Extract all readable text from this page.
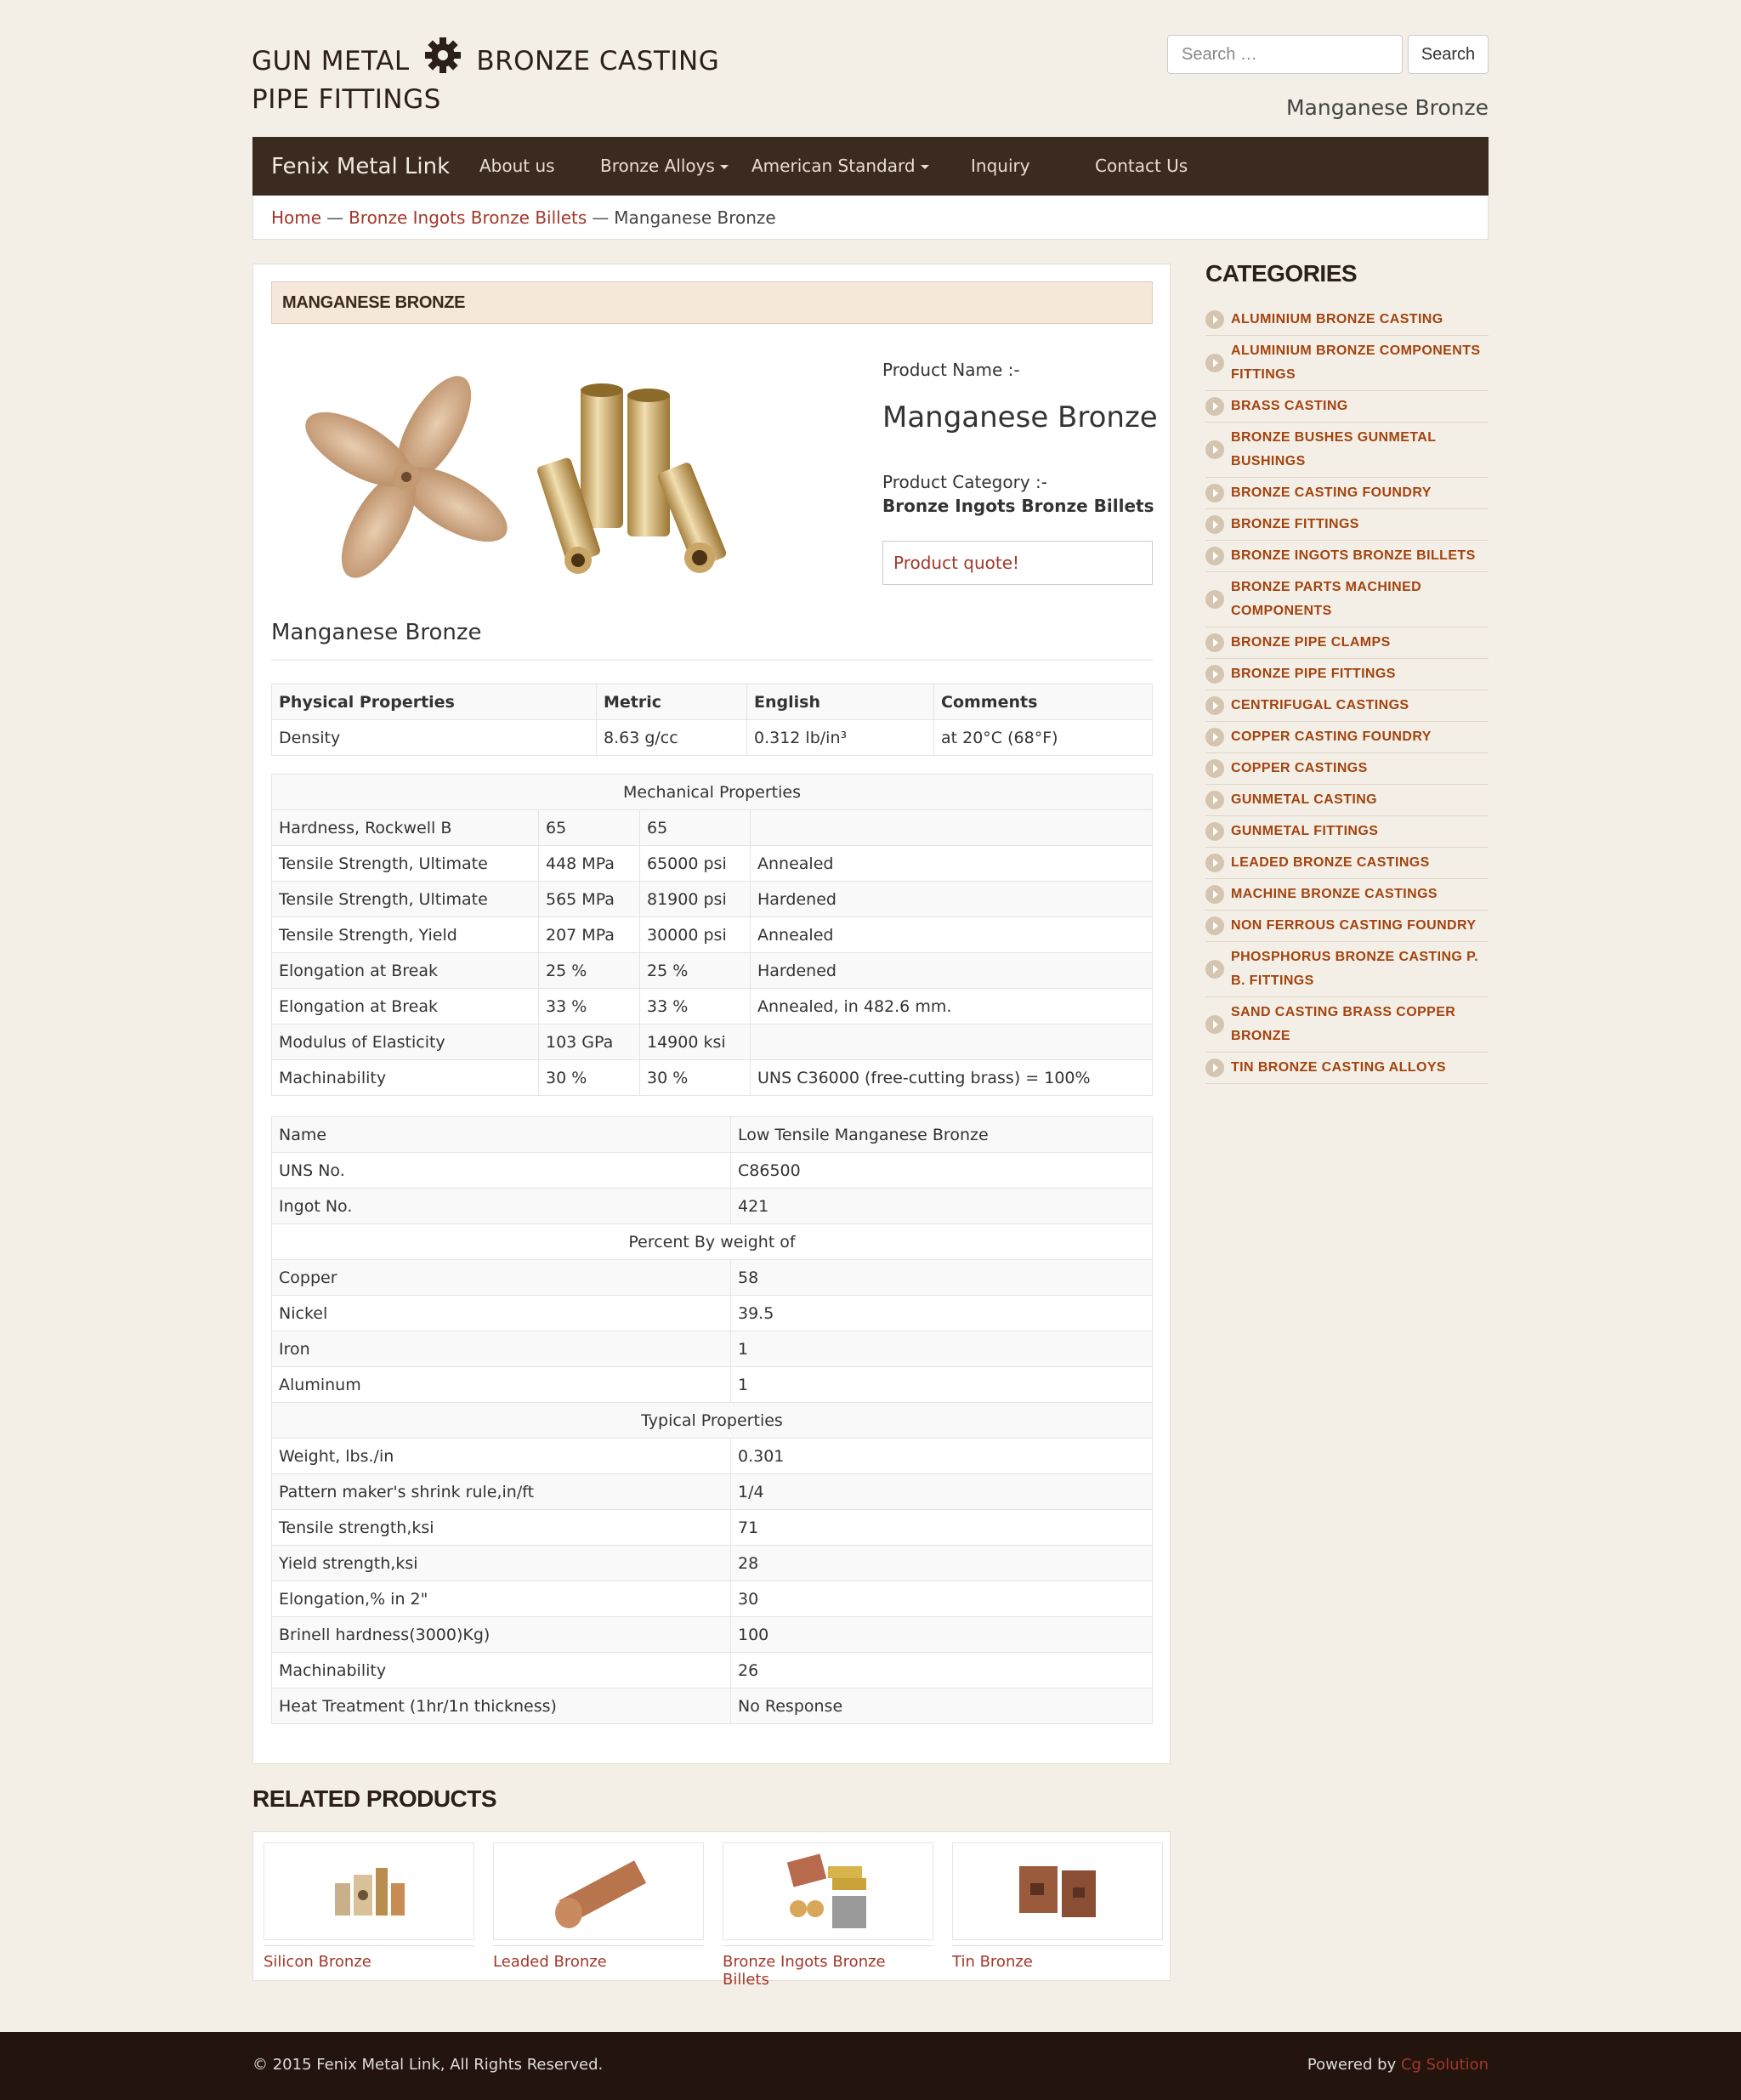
GUN METAL	BRONZE CASTING
PIPE FITTINGS
Search …
Search
Manganese Bronze
Fenix Metal Link	About us	Bronze Alloys	American Standard	Inquiry	Contact Us
Home — Bronze Ingots Bronze Billets — Manganese Bronze
MANGANESE BRONZE
Product Name :-
Manganese Bronze
Product Category :-
Bronze Ingots Bronze Billets
Product quote!
Manganese Bronze
Physical Properties	Metric	English	Comments
Density	8.63 g/cc	0.312 lb/in³	at 20°C (68°F)
Mechanical Properties			
Hardness, Rockwell B	65	65	
Tensile Strength, Ultimate	448 MPa	65000 psi	Annealed
Tensile Strength, Ultimate	565 MPa	81900 psi	Hardened
Tensile Strength, Yield	207 MPa	30000 psi	Annealed
Elongation at Break	25 %	25 %	Hardened
Elongation at Break	33 %	33 %	Annealed, in 482.6 mm.
Modulus of Elasticity	103 GPa	14900 ksi	
Machinability	30 %	30 %	UNS C36000 (free-cutting brass) = 100%
Name	Low Tensile Manganese Bronze
UNS No.	C86500
Ingot No.	421
Percent By weight of	
Copper	58
Nickel	39.5
Iron	1
Aluminum	1
Typical Properties	
Weight, lbs./in	0.301
Pattern maker's shrink rule,in/ft	1/4
Tensile strength,ksi	71
Yield strength,ksi	28
Elongation,% in 2"	30
Brinell hardness(3000)Kg)	100
Machinability	26
Heat Treatment (1hr/1n thickness)	No Response
RELATED PRODUCTS
Silicon Bronze	Leaded Bronze	Bronze Ingots Bronze Billets
Tin Bronze
CATEGORIES
ALUMINIUM BRONZE CASTING
ALUMINIUM BRONZE COMPONENTS FITTINGS
BRASS CASTING
BRONZE BUSHES GUNMETAL BUSHINGS
BRONZE CASTING FOUNDRY
BRONZE FITTINGS
BRONZE INGOTS BRONZE BILLETS
BRONZE PARTS MACHINED COMPONENTS
BRONZE PIPE CLAMPS
BRONZE PIPE FITTINGS
CENTRIFUGAL CASTINGS
COPPER CASTING FOUNDRY
COPPER CASTINGS
GUNMETAL CASTING
GUNMETAL FITTINGS
LEADED BRONZE CASTINGS
MACHINE BRONZE CASTINGS
NON FERROUS CASTING FOUNDRY
PHOSPHORUS BRONZE CASTING P. B. FITTINGS
SAND CASTING BRASS COPPER BRONZE
TIN BRONZE CASTING ALLOYS
© 2015 Fenix Metal Link, All Rights Reserved.	Powered by Cg Solution
